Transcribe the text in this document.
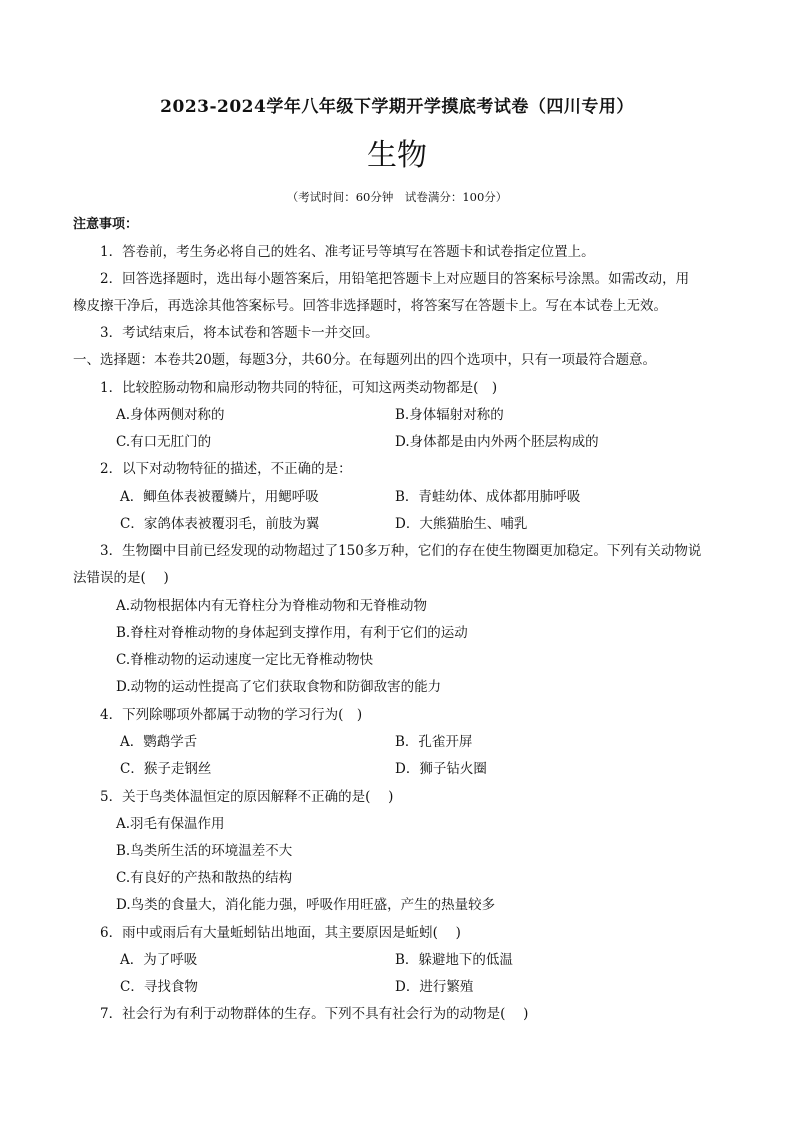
2023-2024学年八年级下学期开学摸底考试卷（四川专用）
生物
（考试时间：60分钟　试卷满分：100分）
注意事项：
1．答卷前，考生务必将自己的姓名、准考证号等填写在答题卡和试卷指定位置上。
2．回答选择题时，选出每小题答案后，用铅笔把答题卡上对应题目的答案标号涂黑。如需改动，用
橡皮擦干净后，再选涂其他答案标号。回答非选择题时，将答案写在答题卡上。写在本试卷上无效。
3．考试结束后，将本试卷和答题卡一并交回。
一、选择题：本卷共20题，每题3分，共60分。在每题列出的四个选项中，只有一项最符合题意。
1．比较腔肠动物和扁形动物共同的特征，可知这两类动物都是(　)
A.身体两侧对称的	B.身体辐射对称的
C.有口无肛门的	D.身体都是由内外两个胚层构成的
2．以下对动物特征的描述，不正确的是：
A．鲫鱼体表被覆鳞片，用鳃呼吸	B．青蛙幼体、成体都用肺呼吸
C．家鸽体表被覆羽毛，前肢为翼	D．大熊猫胎生、哺乳
3．生物圈中目前已经发现的动物超过了150多万种，它们的存在使生物圈更加稳定。下列有关动物说
法错误的是(　 )
A.动物根据体内有无脊柱分为脊椎动物和无脊椎动物
B.脊柱对脊椎动物的身体起到支撑作用，有利于它们的运动
C.脊椎动物的运动速度一定比无脊椎动物快
D.动物的运动性提高了它们获取食物和防御敌害的能力
4．下列除哪项外都属于动物的学习行为(　)
A．鹦鹉学舌	B．孔雀开屏
C．猴子走钢丝	D．狮子钻火圈
5．关于鸟类体温恒定的原因解释不正确的是(　 )
A.羽毛有保温作用
B.鸟类所生活的环境温差不大
C.有良好的产热和散热的结构
D.鸟类的食量大，消化能力强，呼吸作用旺盛，产生的热量较多
6．雨中或雨后有大量蚯蚓钻出地面，其主要原因是蚯蚓(　 )
A．为了呼吸	B．躲避地下的低温
C．寻找食物	D．进行繁殖
7．社会行为有利于动物群体的生存。下列不具有社会行为的动物是(　 )
